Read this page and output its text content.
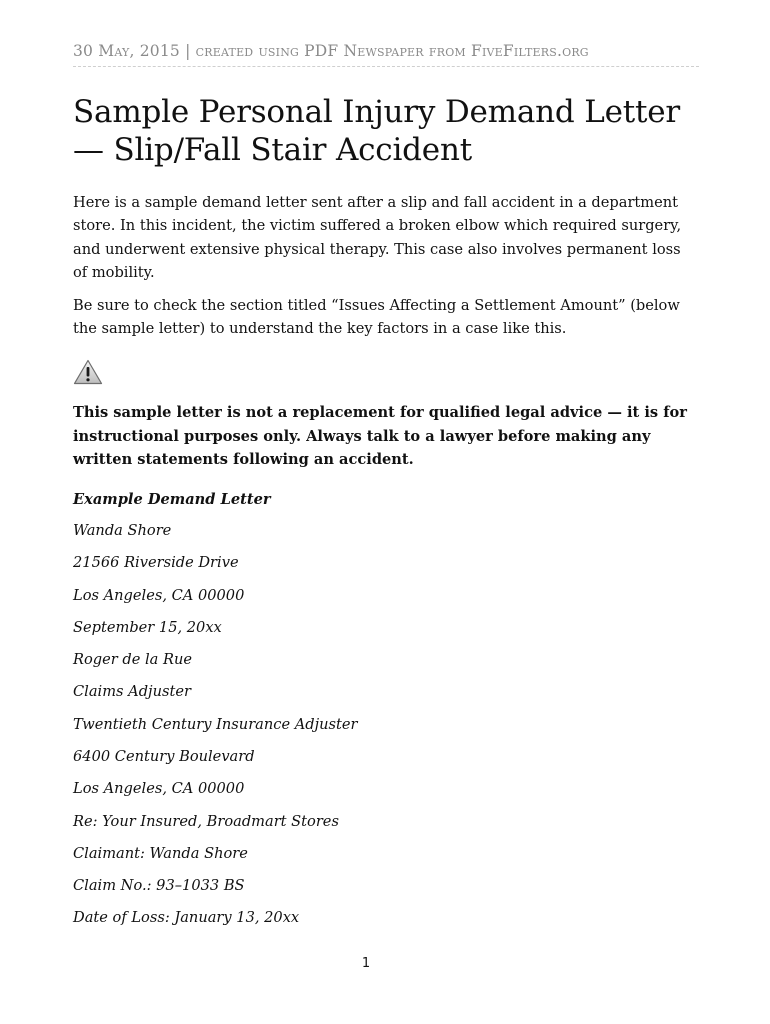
30 May, 2015 | created using PDF Newspaper from FiveFilters.org
Sample Personal Injury Demand Letter — Slip/Fall Stair Accident

Here is a sample demand letter sent after a slip and fall accident in a department store. In this incident, the victim suffered a broken elbow which required surgery, and underwent extensive physical therapy. This case also involves permanent loss of mobility.

Be sure to check the section titled “Issues Affecting a Settlement Amount” (below the sample letter) to understand the key factors in a case like this.

This sample letter is not a replacement for qualified legal advice — it is for instructional purposes only. Always talk to a lawyer before making any written statements following an accident.

Example Demand Letter

Wanda Shore
21566 Riverside Drive
Los Angeles, CA 00000
September 15, 20xx
Roger de la Rue
Claims Adjuster
Twentieth Century Insurance Adjuster
6400 Century Boulevard
Los Angeles, CA 00000
Re: Your Insured, Broadmart Stores
Claimant: Wanda Shore
Claim No.: 93–1033 BS
Date of Loss: January 13, 20xx
1
